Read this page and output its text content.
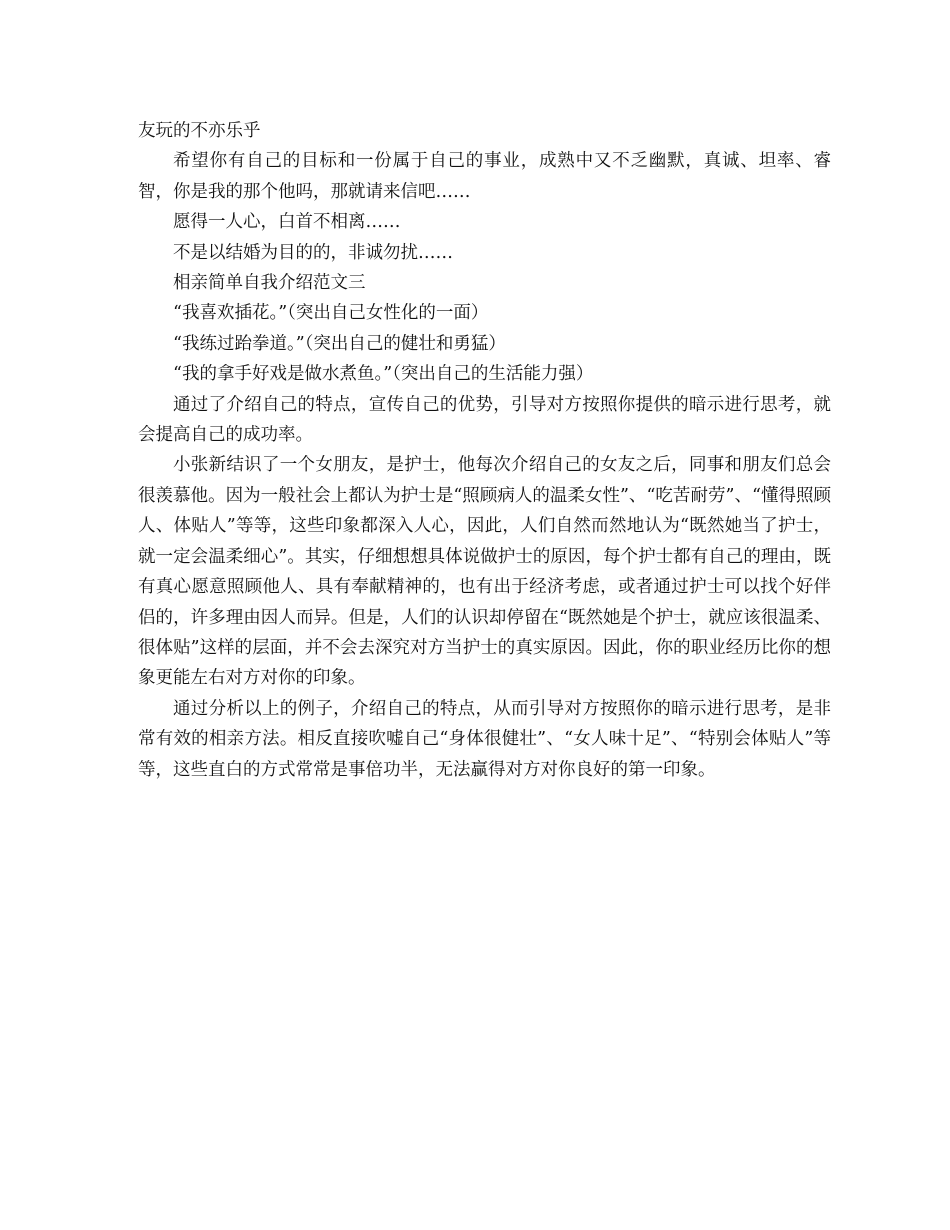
友玩的不亦乐乎

希望你有自己的目标和一份属于自己的事业，成熟中又不乏幽默，真诚、坦率、睿智，你是我的那个他吗，那就请来信吧……

愿得一人心，白首不相离……

不是以结婚为目的的，非诚勿扰……

相亲简单自我介绍范文三

“我喜欢插花。”（突出自己女性化的一面）

“我练过跆拳道。”（突出自己的健壮和勇猛）

“我的拿手好戏是做水煮鱼。”（突出自己的生活能力强）

通过了介绍自己的特点，宣传自己的优势，引导对方按照你提供的暗示进行思考，就会提高自己的成功率。

小张新结识了一个女朋友，是护士，他每次介绍自己的女友之后，同事和朋友们总会很羡慕他。因为一般社会上都认为护士是“照顾病人的温柔女性”、“吃苦耐劳”、“懂得照顾人、体贴人”等等，这些印象都深入人心，因此，人们自然而然地认为“既然她当了护士，就一定会温柔细心”。其实，仔细想想具体说做护士的原因，每个护士都有自己的理由，既有真心愿意照顾他人、具有奉献精神的，也有出于经济考虑，或者通过护士可以找个好伴侣的，许多理由因人而异。但是，人们的认识却停留在“既然她是个护士，就应该很温柔、很体贴”这样的层面，并不会去深究对方当护士的真实原因。因此，你的职业经历比你的想象更能左右对方对你的印象。

通过分析以上的例子，介绍自己的特点，从而引导对方按照你的暗示进行思考，是非常有效的相亲方法。相反直接吹嘘自己“身体很健壮”、“女人味十足”、“特别会体贴人”等等，这些直白的方式常常是事倍功半，无法赢得对方对你良好的第一印象。
